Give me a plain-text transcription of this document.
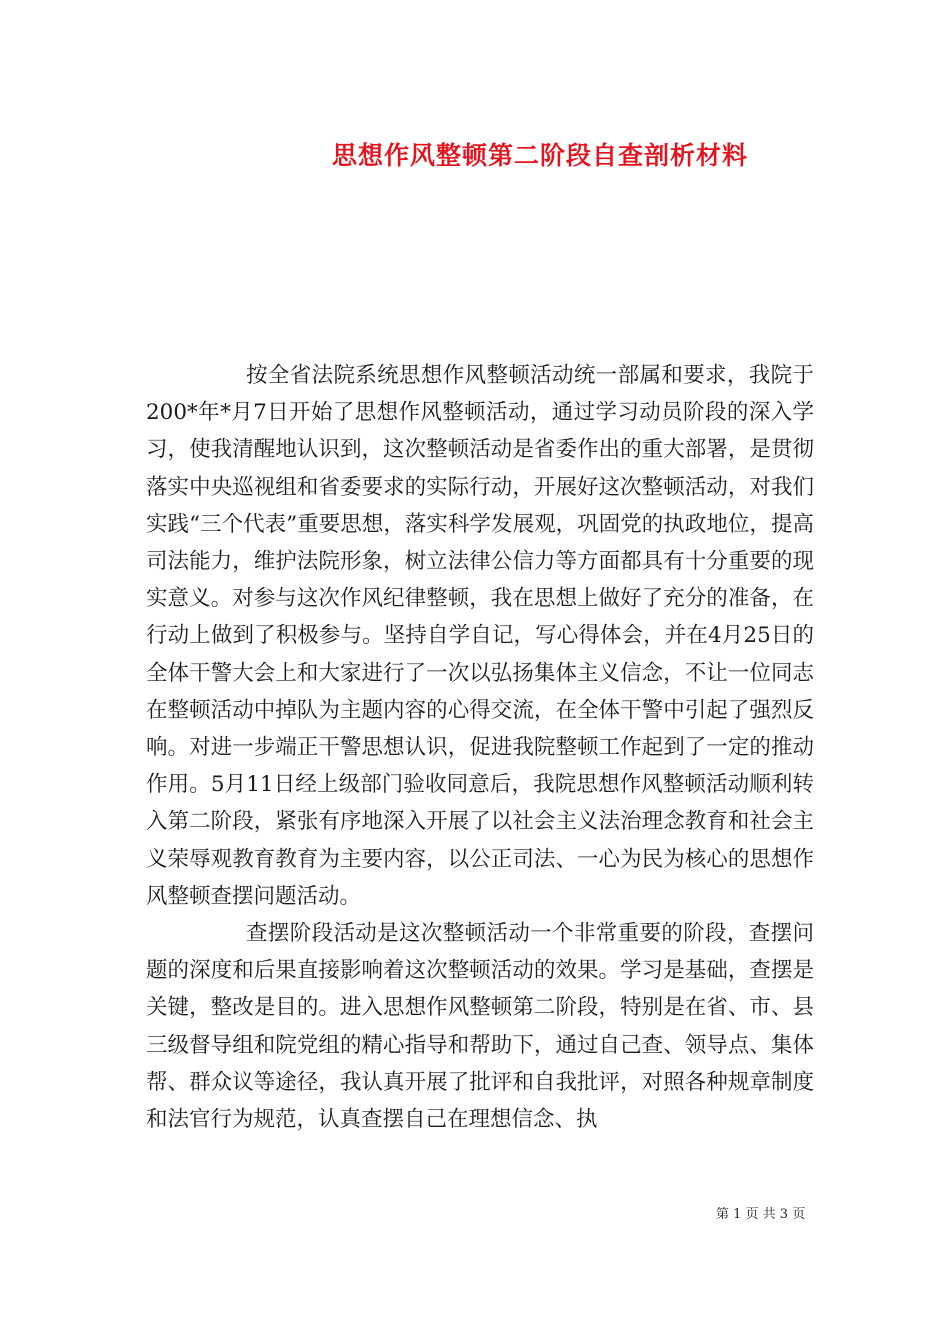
思想作风整顿第二阶段自查剖析材料

按全省法院系统思想作风整顿活动统一部属和要求，我院于200*年*月7日开始了思想作风整顿活动，通过学习动员阶段的深入学习，使我清醒地认识到，这次整顿活动是省委作出的重大部署，是贯彻落实中央巡视组和省委要求的实际行动，开展好这次整顿活动，对我们实践“三个代表”重要思想，落实科学发展观，巩固党的执政地位，提高司法能力，维护法院形象，树立法律公信力等方面都具有十分重要的现实意义。对参与这次作风纪律整顿，我在思想上做好了充分的准备，在行动上做到了积极参与。坚持自学自记，写心得体会，并在4月25日的全体干警大会上和大家进行了一次以弘扬集体主义信念，不让一位同志在整顿活动中掉队为主题内容的心得交流，在全体干警中引起了强烈反响。对进一步端正干警思想认识，促进我院整顿工作起到了一定的推动作用。5月11日经上级部门验收同意后，我院思想作风整顿活动顺利转入第二阶段，紧张有序地深入开展了以社会主义法治理念教育和社会主义荣辱观教育教育为主要内容，以公正司法、一心为民为核心的思想作风整顿查摆问题活动。

查摆阶段活动是这次整顿活动一个非常重要的阶段，查摆问题的深度和后果直接影响着这次整顿活动的效果。学习是基础，查摆是关键，整改是目的。进入思想作风整顿第二阶段，特别是在省、市、县三级督导组和院党组的精心指导和帮助下，通过自己查、领导点、集体帮、群众议等途径，我认真开展了批评和自我批评，对照各种规章制度和法官行为规范，认真查摆自己在理想信念、执

第 1 页 共 3 页
